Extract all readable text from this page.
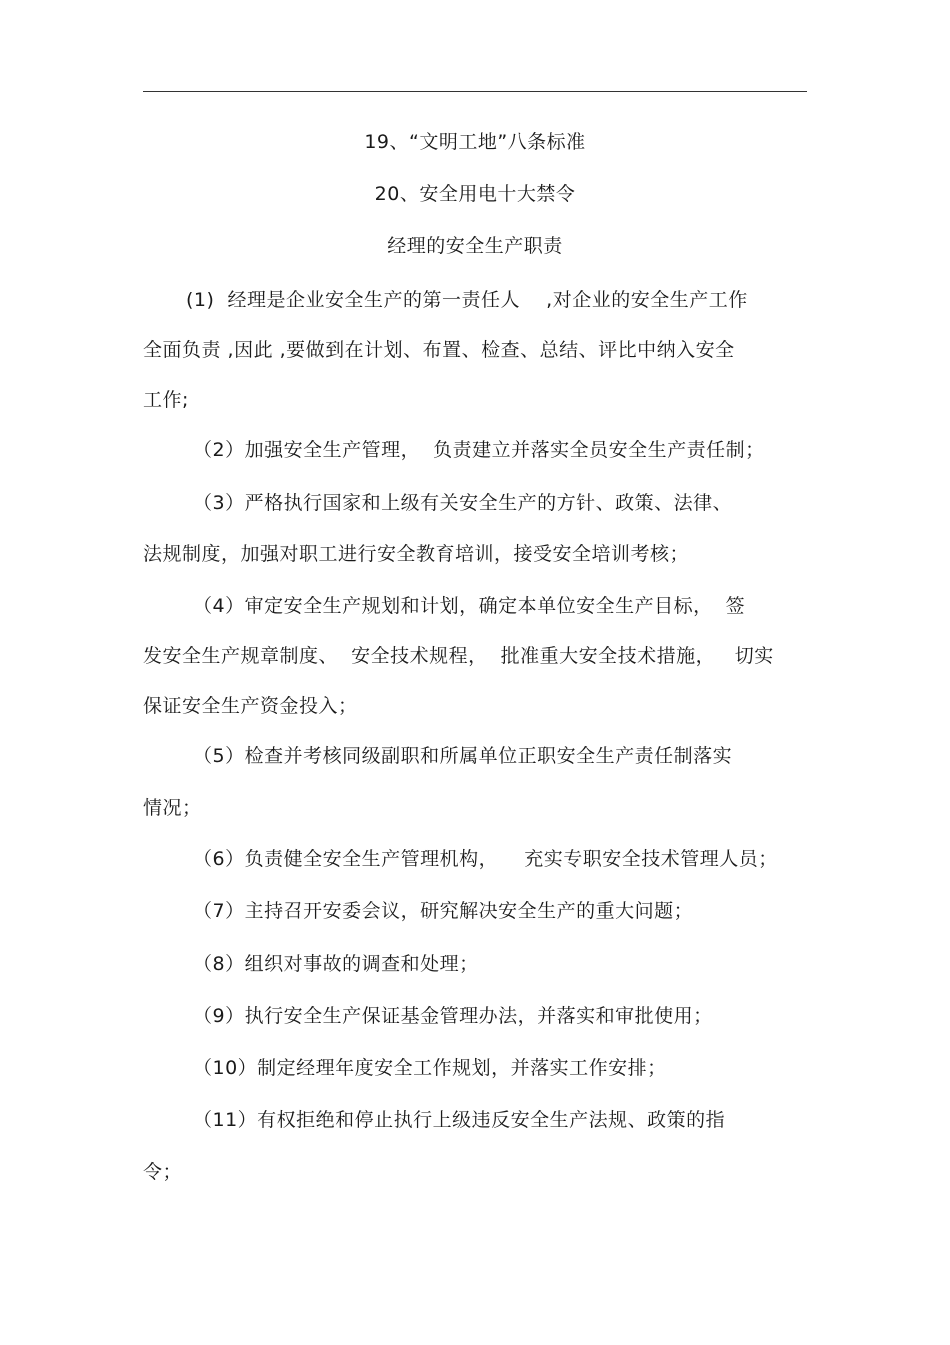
19、“文明工地”八条标准
20、安全用电十大禁令
经理的安全生产职责
(1)  经理是企业安全生产的第一责任人    ,对企业的安全生产工作
全面负责 ,因此 ,要做到在计划、布置、检查、总结、评比中纳入安全
工作;
（2）加强安全生产管理，  负责建立并落实全员安全生产责任制；
（3）严格执行国家和上级有关安全生产的方针、政策、法律、
法规制度，加强对职工进行安全教育培训，接受安全培训考核；
（4）审定安全生产规划和计划，确定本单位安全生产目标，  签
发安全生产规章制度、  安全技术规程，  批准重大安全技术措施，   切实
保证安全生产资金投入；
（5）检查并考核同级副职和所属单位正职安全生产责任制落实
情况；
（6）负责健全安全生产管理机构，    充实专职安全技术管理人员；
（7）主持召开安委会议，研究解决安全生产的重大问题；
（8）组织对事故的调查和处理；
（9）执行安全生产保证基金管理办法，并落实和审批使用；
（10）制定经理年度安全工作规划，并落实工作安排；
（11）有权拒绝和停止执行上级违反安全生产法规、政策的指
令；
